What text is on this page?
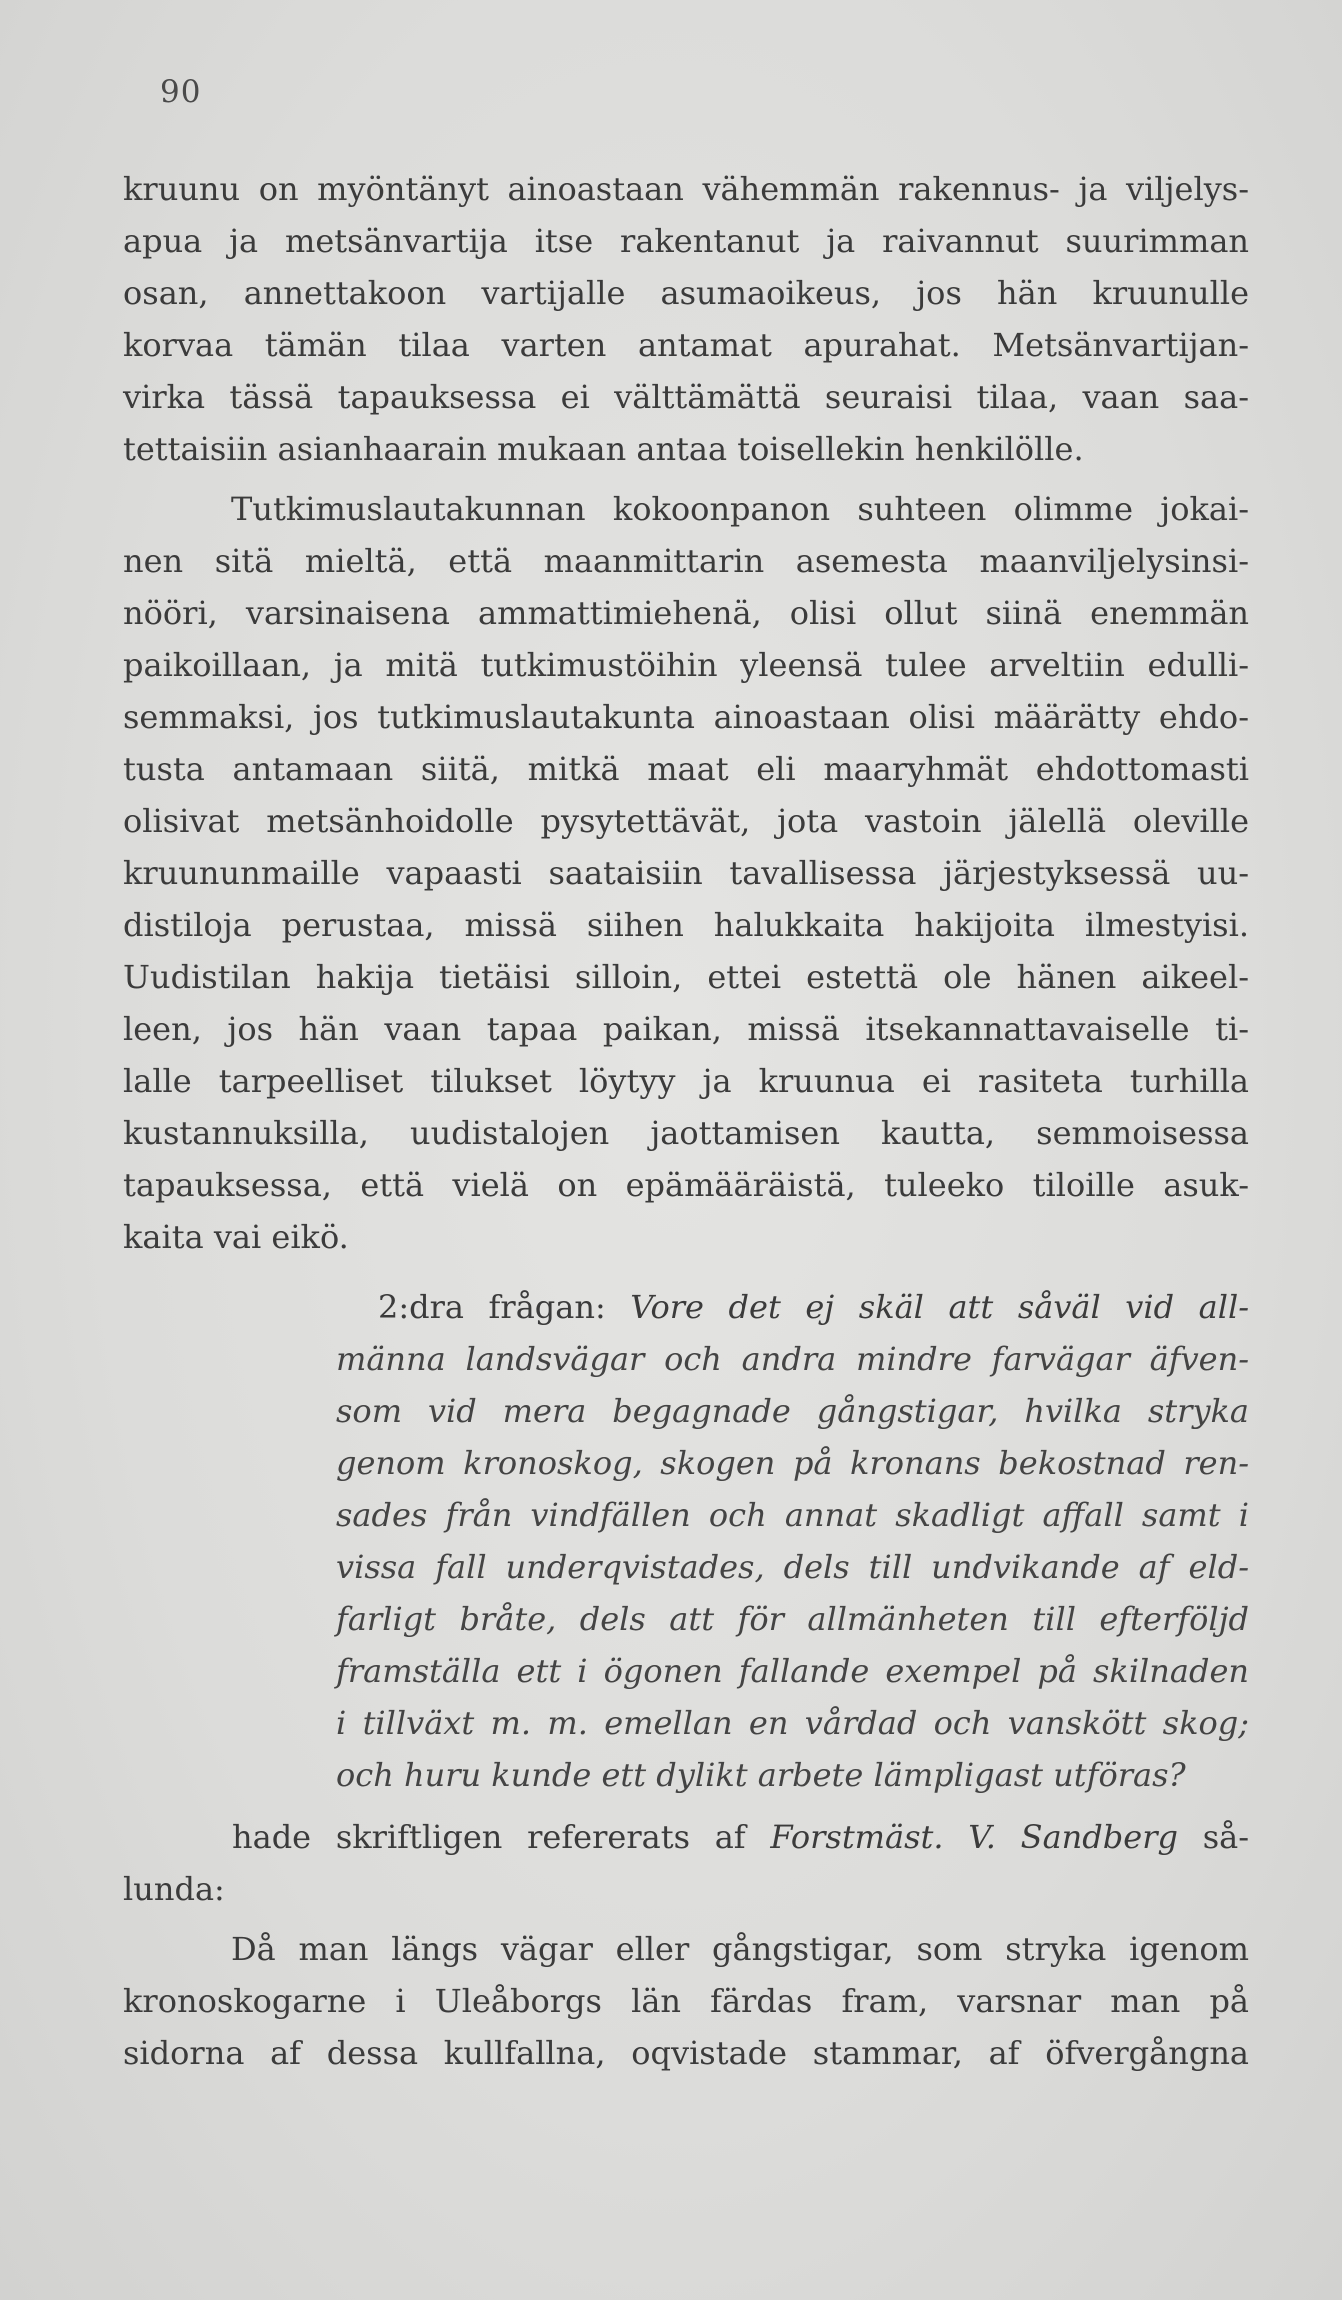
90
kruunu on myöntänyt ainoastaan vähemmän rakennus- ja viljelys-
apua ja metsänvartija itse rakentanut ja raivannut suurimman
osan, annettakoon vartijalle asumaoikeus, jos hän kruunulle
korvaa tämän tilaa varten antamat apurahat. Metsänvartijan-
virka tässä tapauksessa ei välttämättä seuraisi tilaa, vaan saa-
tettaisiin asianhaarain mukaan antaa toisellekin henkilölle.
Tutkimuslautakunnan kokoonpanon suhteen olimme jokai-
nen sitä mieltä, että maanmittarin asemesta maanviljelysinsi-
nööri, varsinaisena ammattimiehenä, olisi ollut siinä enemmän
paikoillaan, ja mitä tutkimustöihin yleensä tulee arveltiin edulli-
semmaksi, jos tutkimuslautakunta ainoastaan olisi määrätty ehdo-
tusta antamaan siitä, mitkä maat eli maaryhmät ehdottomasti
olisivat metsänhoidolle pysytettävät, jota vastoin jälellä oleville
kruununmaille vapaasti saataisiin tavallisessa järjestyksessä uu-
distiloja perustaa, missä siihen halukkaita hakijoita ilmestyisi.
Uudistilan hakija tietäisi silloin, ettei estettä ole hänen aikeel-
leen, jos hän vaan tapaa paikan, missä itsekannattavaiselle ti-
lalle tarpeelliset tilukset löytyy ja kruunua ei rasiteta turhilla
kustannuksilla, uudistalojen jaottamisen kautta, semmoisessa
tapauksessa, että vielä on epämääräistä, tuleeko tiloille asuk-
kaita vai eikö.
2:dra frågan: Vore det ej skäl att såväl vid all-
männa landsvägar och andra mindre farvägar äfven-
som vid mera begagnade gångstigar, hvilka stryka
genom kronoskog, skogen på kronans bekostnad ren-
sades från vindfällen och annat skadligt affall samt i
vissa fall underqvistades, dels till undvikande af eld-
farligt bråte, dels att för allmänheten till efterföljd
framställa ett i ögonen fallande exempel på skilnaden
i tillväxt m. m. emellan en vårdad och vanskött skog;
och huru kunde ett dylikt arbete lämpligast utföras?
hade skriftligen refererats af Forstmäst. V. Sandberg så-
lunda:
Då man längs vägar eller gångstigar, som stryka igenom
kronoskogarne i Uleåborgs län färdas fram, varsnar man på
sidorna af dessa kullfallna, oqvistade stammar, af öfvergångna
